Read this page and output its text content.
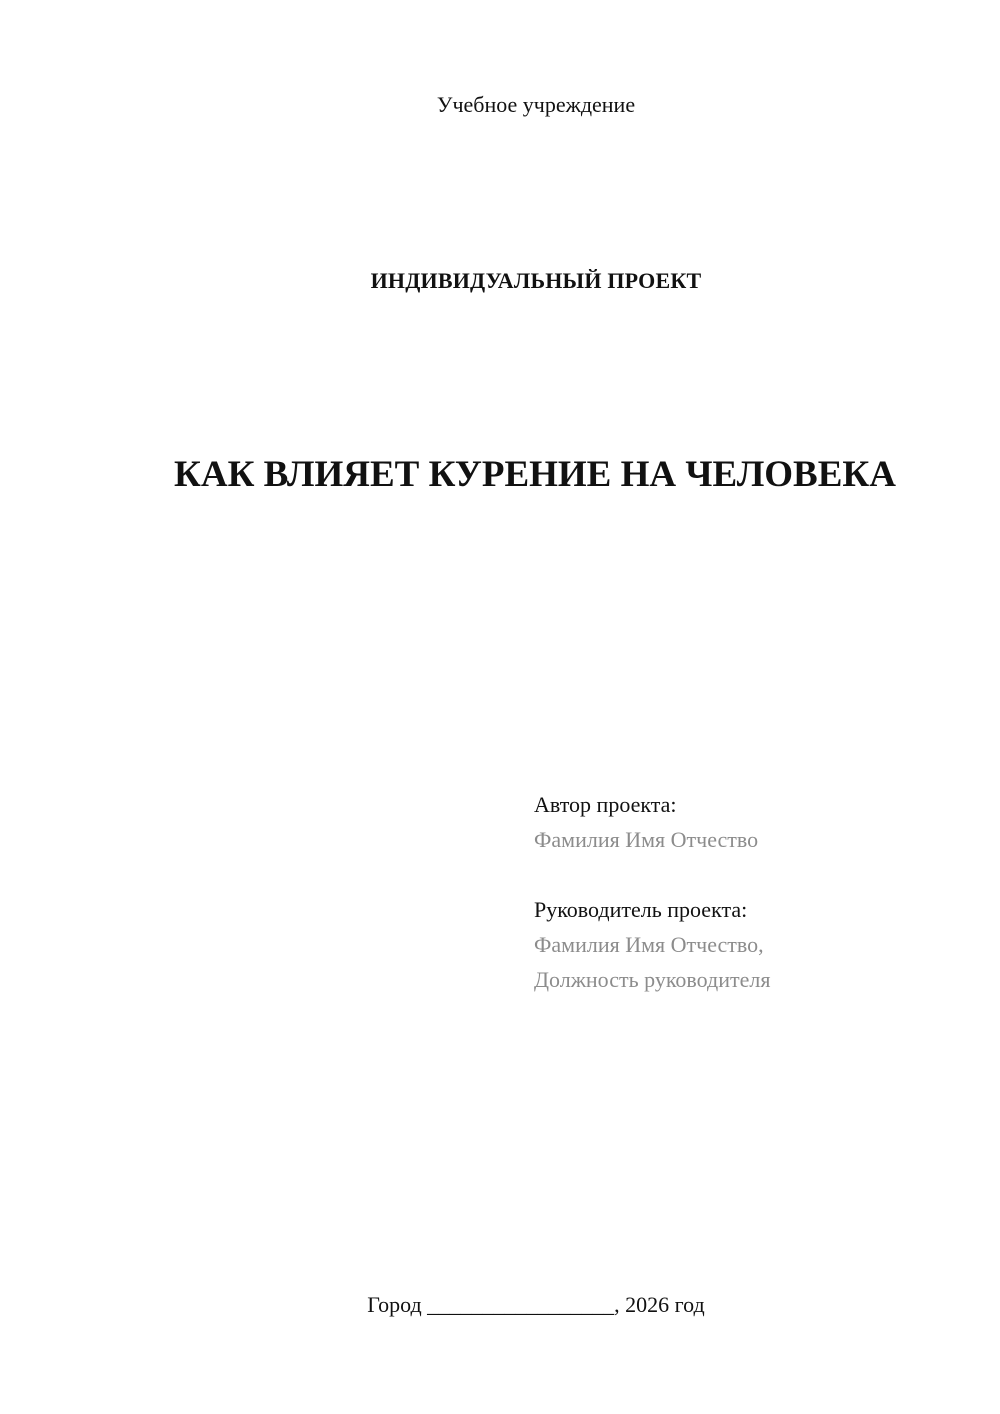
Учебное учреждение
ИНДИВИДУАЛЬНЫЙ ПРОЕКТ
КАК ВЛИЯЕТ КУРЕНИЕ НА ЧЕЛОВЕКА
Автор проекта:
Фамилия Имя Отчество
Руководитель проекта:
Фамилия Имя Отчество,
Должность руководителя
Город _________________, 2026 год
